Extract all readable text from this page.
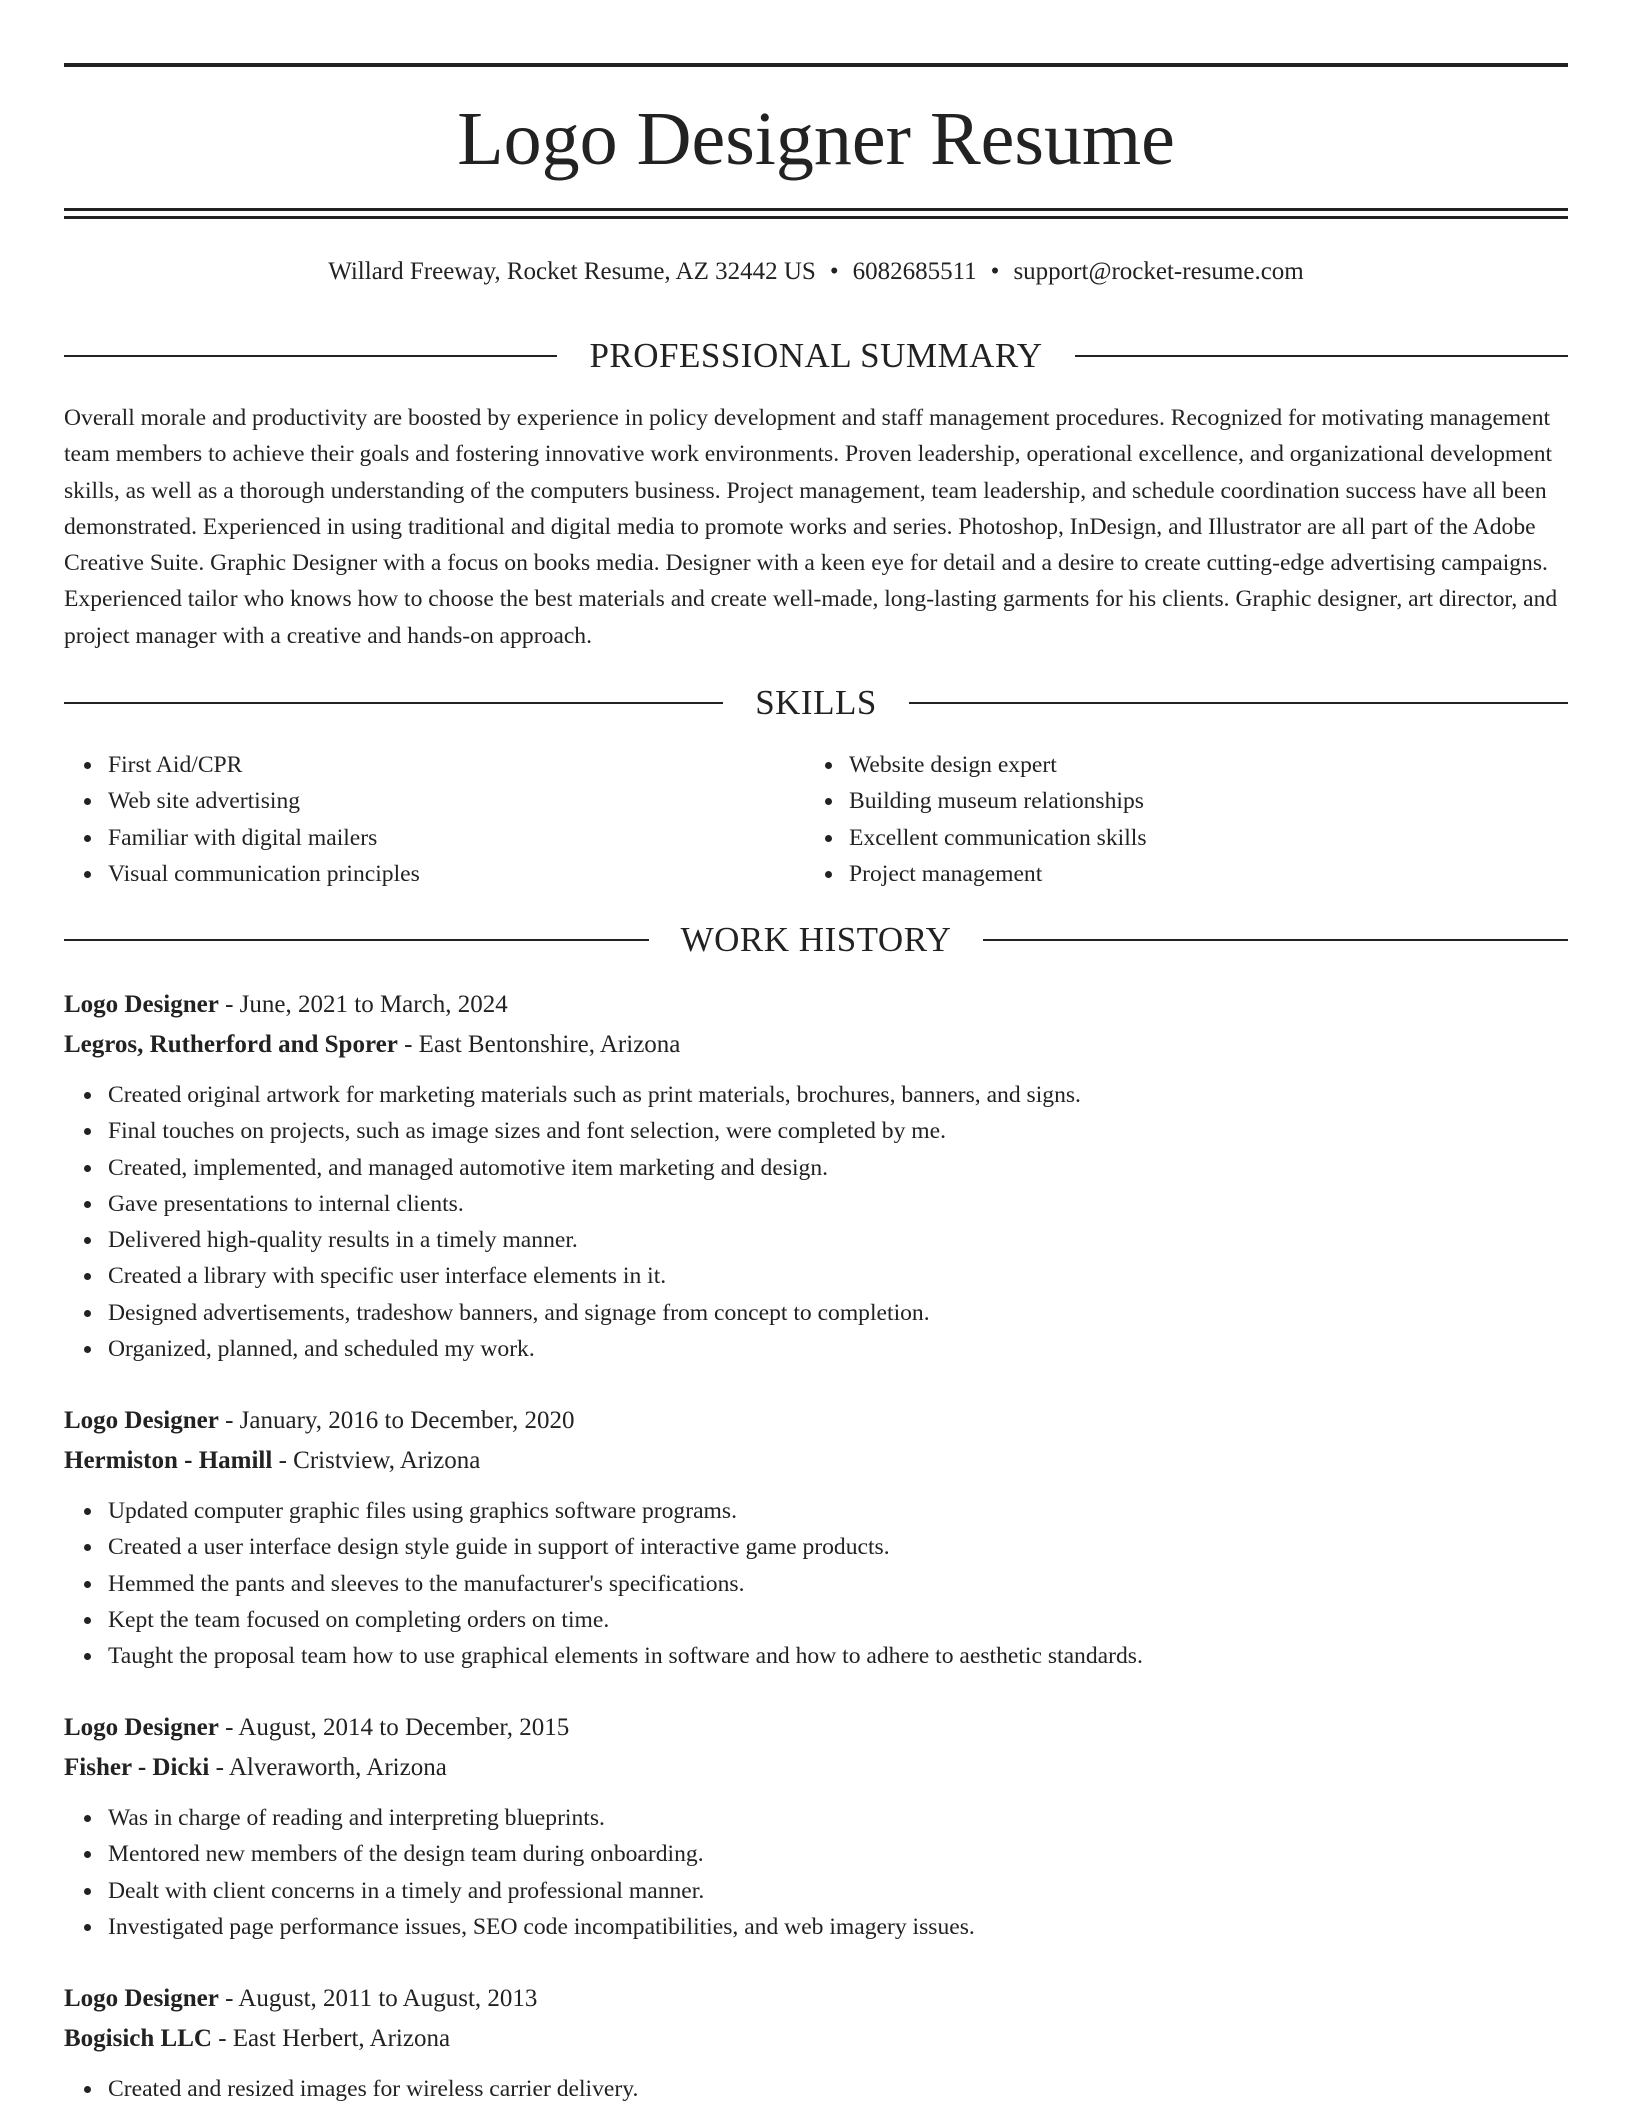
Logo Designer Resume
Willard Freeway, Rocket Resume, AZ 32442 US • 6082685511 • support@rocket-resume.com
PROFESSIONAL SUMMARY

Overall morale and productivity are boosted by experience in policy development and staff management procedures. Recognized for motivating management team members to achieve their goals and fostering innovative work environments. Proven leadership, operational excellence, and organizational development skills, as well as a thorough understanding of the computers business. Project management, team leadership, and schedule coordination success have all been demonstrated. Experienced in using traditional and digital media to promote works and series. Photoshop, InDesign, and Illustrator are all part of the Adobe Creative Suite. Graphic Designer with a focus on books media. Designer with a keen eye for detail and a desire to create cutting-edge advertising campaigns. Experienced tailor who knows how to choose the best materials and create well-made, long-lasting garments for his clients. Graphic designer, art director, and project manager with a creative and hands-on approach.

SKILLS
First Aid/CPR
Web site advertising
Familiar with digital mailers
Visual communication principles
Website design expert
Building museum relationships
Excellent communication skills
Project management
WORK HISTORY
Logo Designer - June, 2021 to March, 2024
Legros, Rutherford and Sporer - East Bentonshire, Arizona
Created original artwork for marketing materials such as print materials, brochures, banners, and signs.
Final touches on projects, such as image sizes and font selection, were completed by me.
Created, implemented, and managed automotive item marketing and design.
Gave presentations to internal clients.
Delivered high-quality results in a timely manner.
Created a library with specific user interface elements in it.
Designed advertisements, tradeshow banners, and signage from concept to completion.
Organized, planned, and scheduled my work.
Logo Designer - January, 2016 to December, 2020
Hermiston - Hamill - Cristview, Arizona
Updated computer graphic files using graphics software programs.
Created a user interface design style guide in support of interactive game products.
Hemmed the pants and sleeves to the manufacturer's specifications.
Kept the team focused on completing orders on time.
Taught the proposal team how to use graphical elements in software and how to adhere to aesthetic standards.
Logo Designer - August, 2014 to December, 2015
Fisher - Dicki - Alveraworth, Arizona
Was in charge of reading and interpreting blueprints.
Mentored new members of the design team during onboarding.
Dealt with client concerns in a timely and professional manner.
Investigated page performance issues, SEO code incompatibilities, and web imagery issues.
Logo Designer - August, 2011 to August, 2013
Bogisich LLC - East Herbert, Arizona
Created and resized images for wireless carrier delivery.
